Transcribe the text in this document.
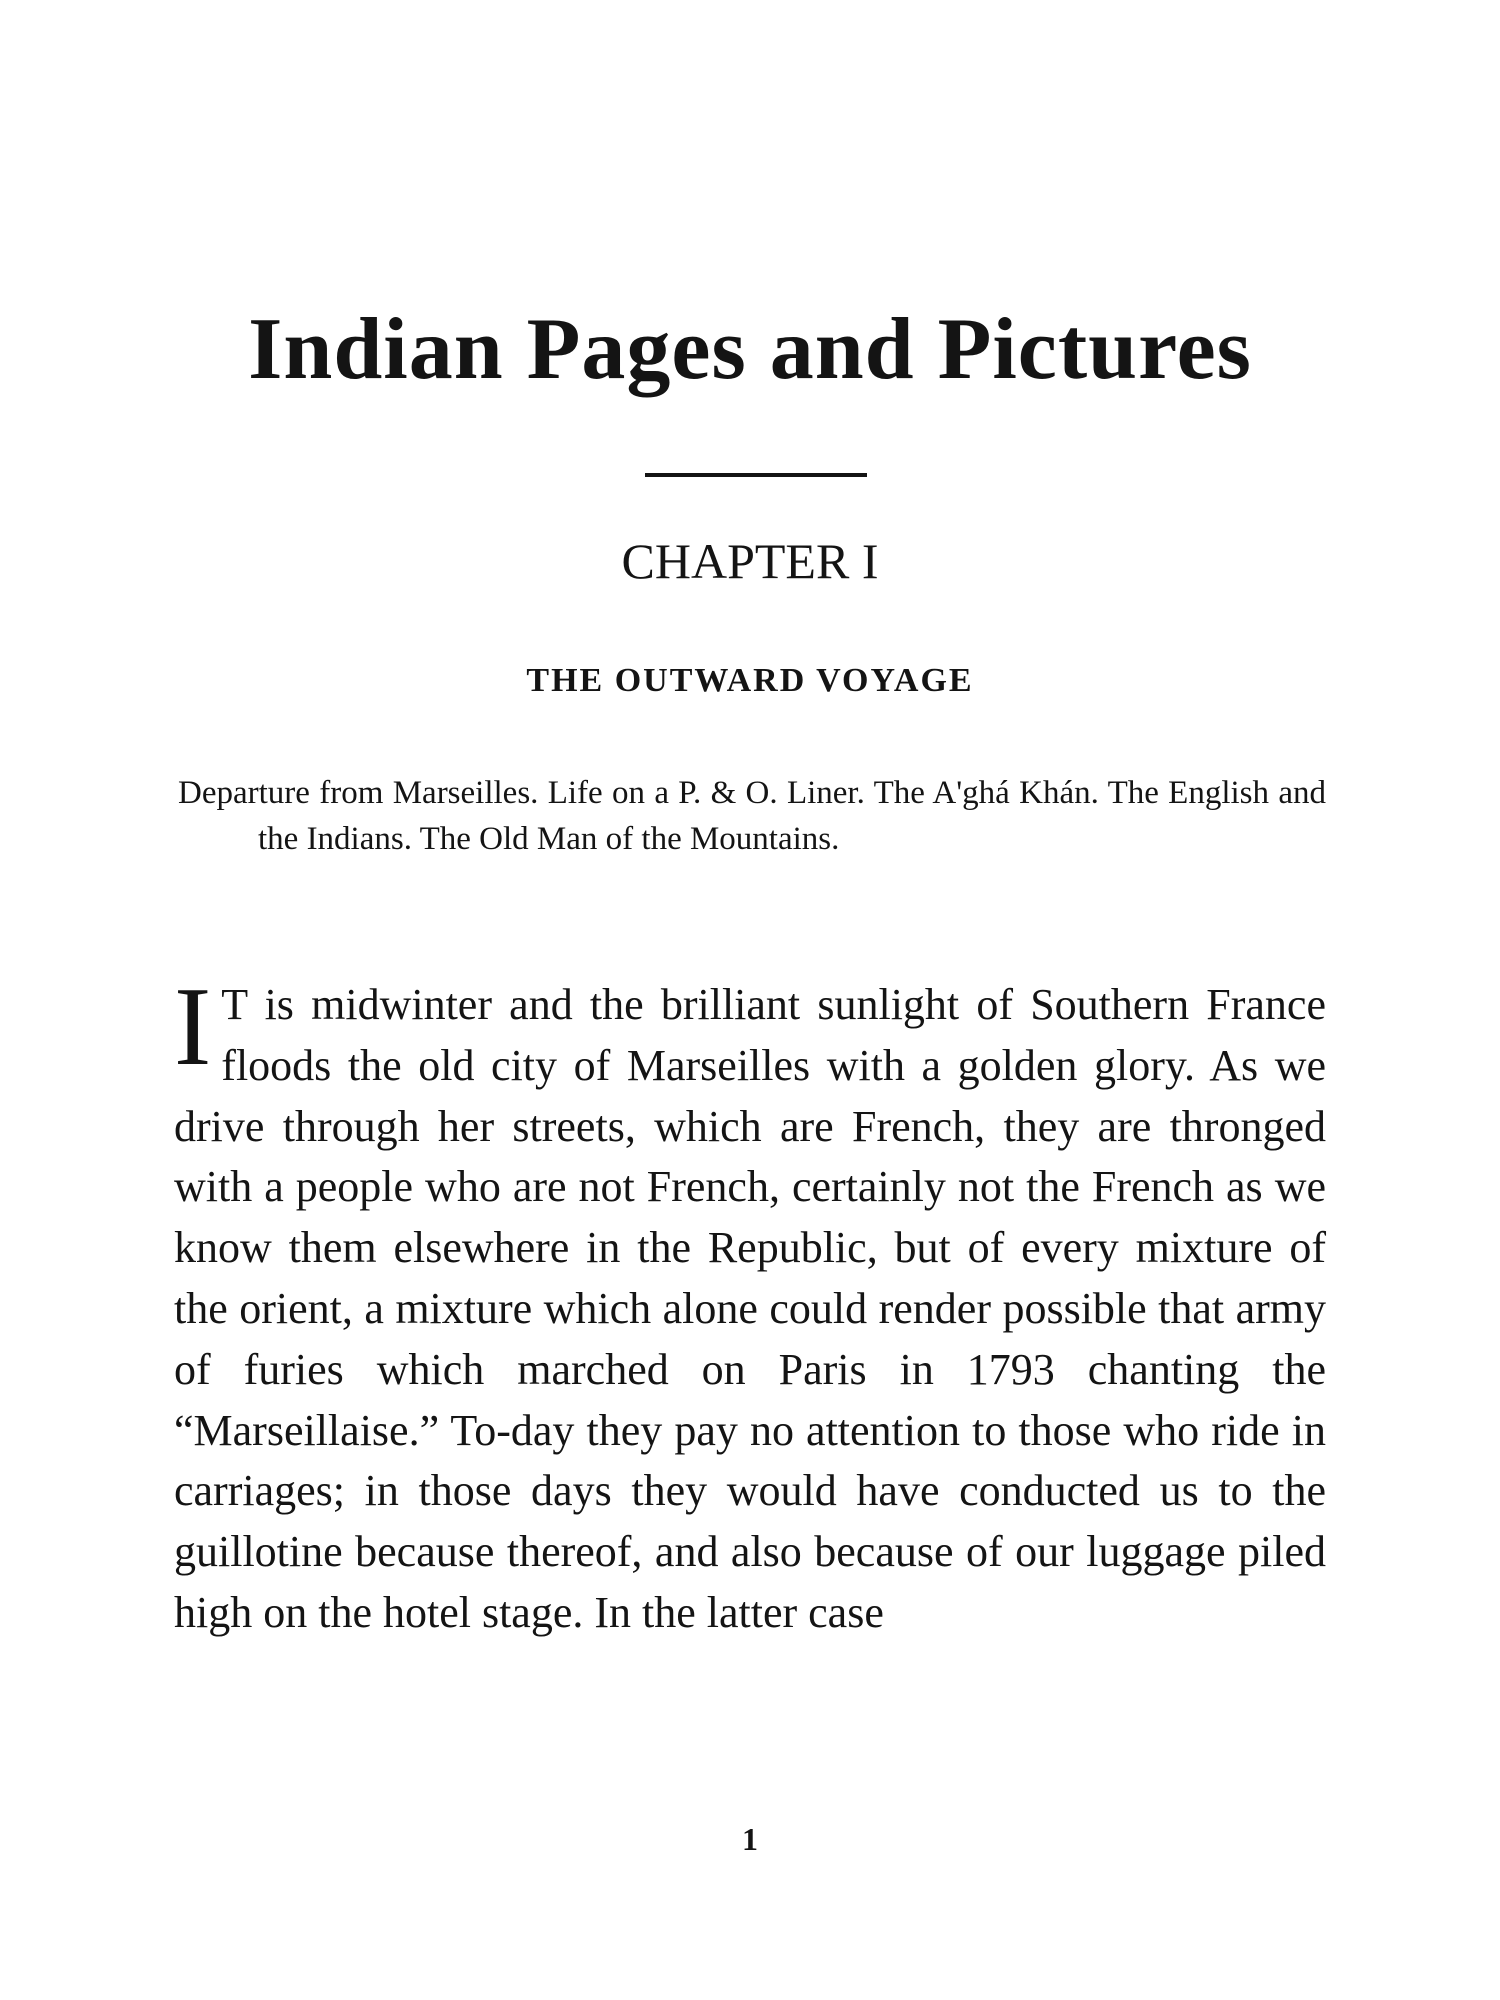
Indian Pages and Pictures
CHAPTER I
THE OUTWARD VOYAGE

Departure from Marseilles. Life on a P. & O. Liner. The A'ghá Khán. The English and the Indians. The Old Man of the Mountains.

I T is midwinter and the brilliant sunlight of Southern France floods the old city of Marseilles with a golden glory. As we drive through her streets, which are French, they are thronged with a people who are not French, certainly not the French as we know them elsewhere in the Republic, but of every mixture of the orient, a mixture which alone could render possible that army of furies which marched on Paris in 1793 chanting the “Marseillaise.” To-day they pay no attention to those who ride in carriages; in those days they would have conducted us to the guillotine because thereof, and also because of our luggage piled high on the hotel stage. In the latter case

1
